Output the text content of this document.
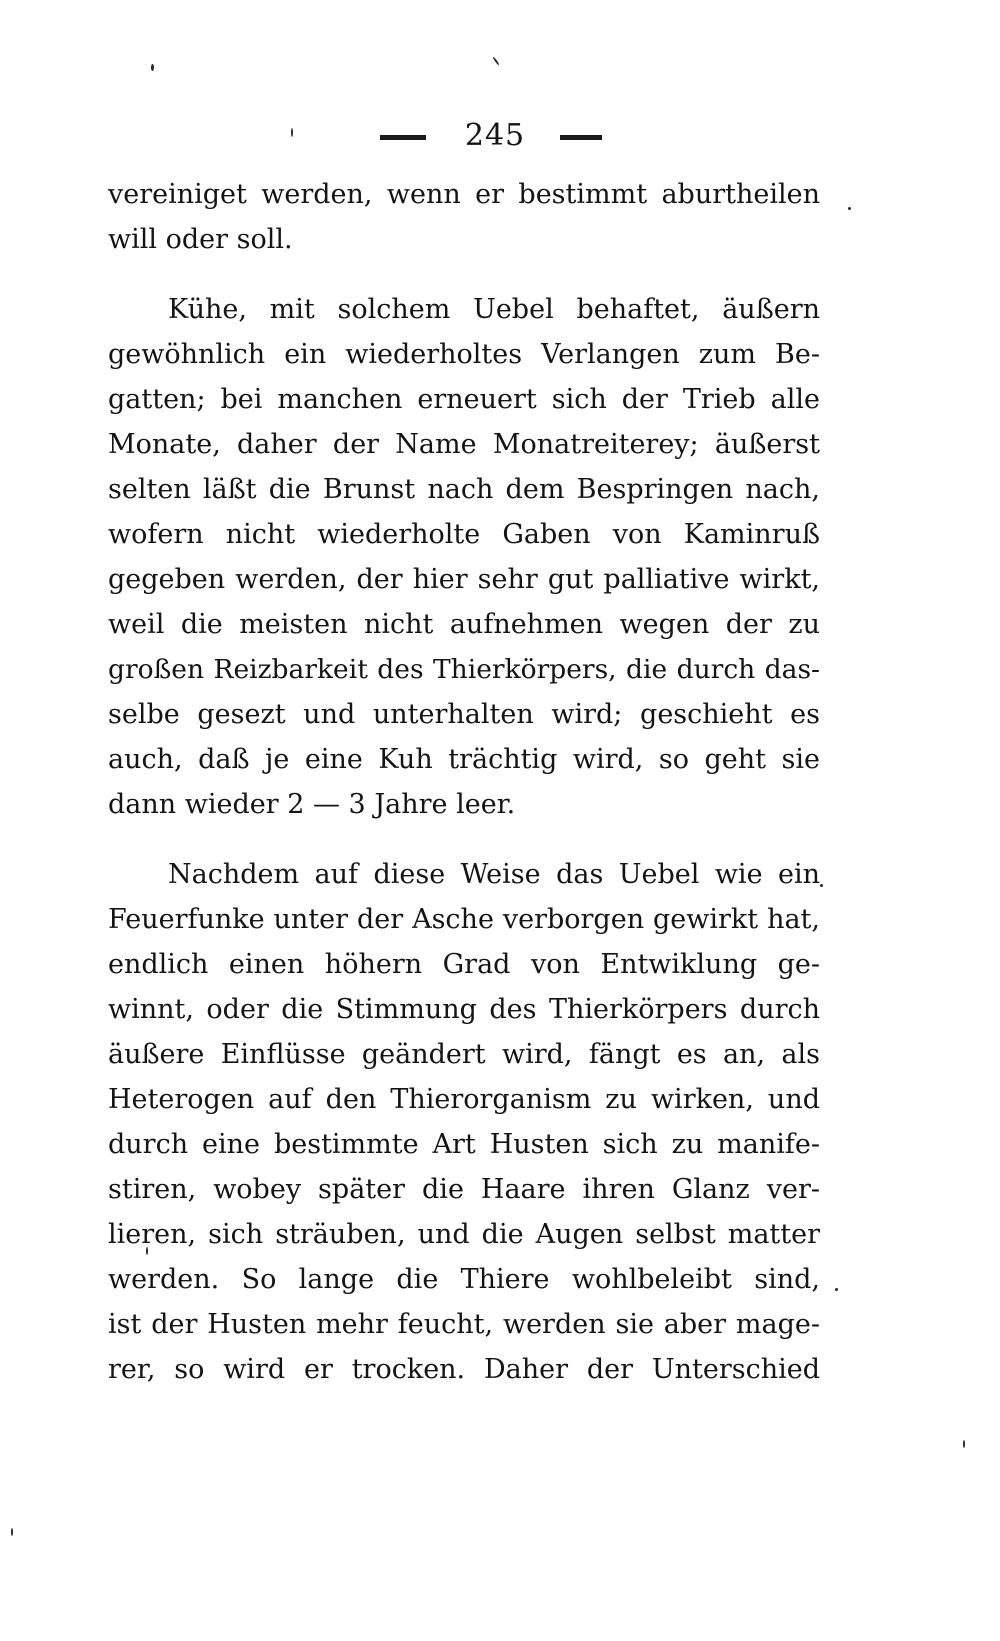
245
vereiniget werden, wenn er bestimmt aburtheilen
will oder soll.
Kühe, mit solchem Uebel behaftet, äußern
gewöhnlich ein wiederholtes Verlangen zum Be-
gatten; bei manchen erneuert sich der Trieb alle
Monate, daher der Name Monatreiterey; äußerst
selten läßt die Brunst nach dem Bespringen nach,
wofern nicht wiederholte Gaben von Kaminruß
gegeben werden, der hier sehr gut palliative wirkt,
weil die meisten nicht aufnehmen wegen der zu
großen Reizbarkeit des Thierkörpers, die durch das-
selbe gesezt und unterhalten wird; geschieht es
auch, daß je eine Kuh trächtig wird, so geht sie
dann wieder 2 — 3 Jahre leer.
Nachdem auf diese Weise das Uebel wie ein
Feuerfunke unter der Asche verborgen gewirkt hat,
endlich einen höhern Grad von Entwiklung ge-
winnt, oder die Stimmung des Thierkörpers durch
äußere Einflüsse geändert wird, fängt es an, als
Heterogen auf den Thierorganism zu wirken, und
durch eine bestimmte Art Husten sich zu manife-
stiren, wobey später die Haare ihren Glanz ver-
lieren, sich sträuben, und die Augen selbst matter
werden. So lange die Thiere wohlbeleibt sind,
ist der Husten mehr feucht, werden sie aber mage-
rer, so wird er trocken. Daher der Unterschied
